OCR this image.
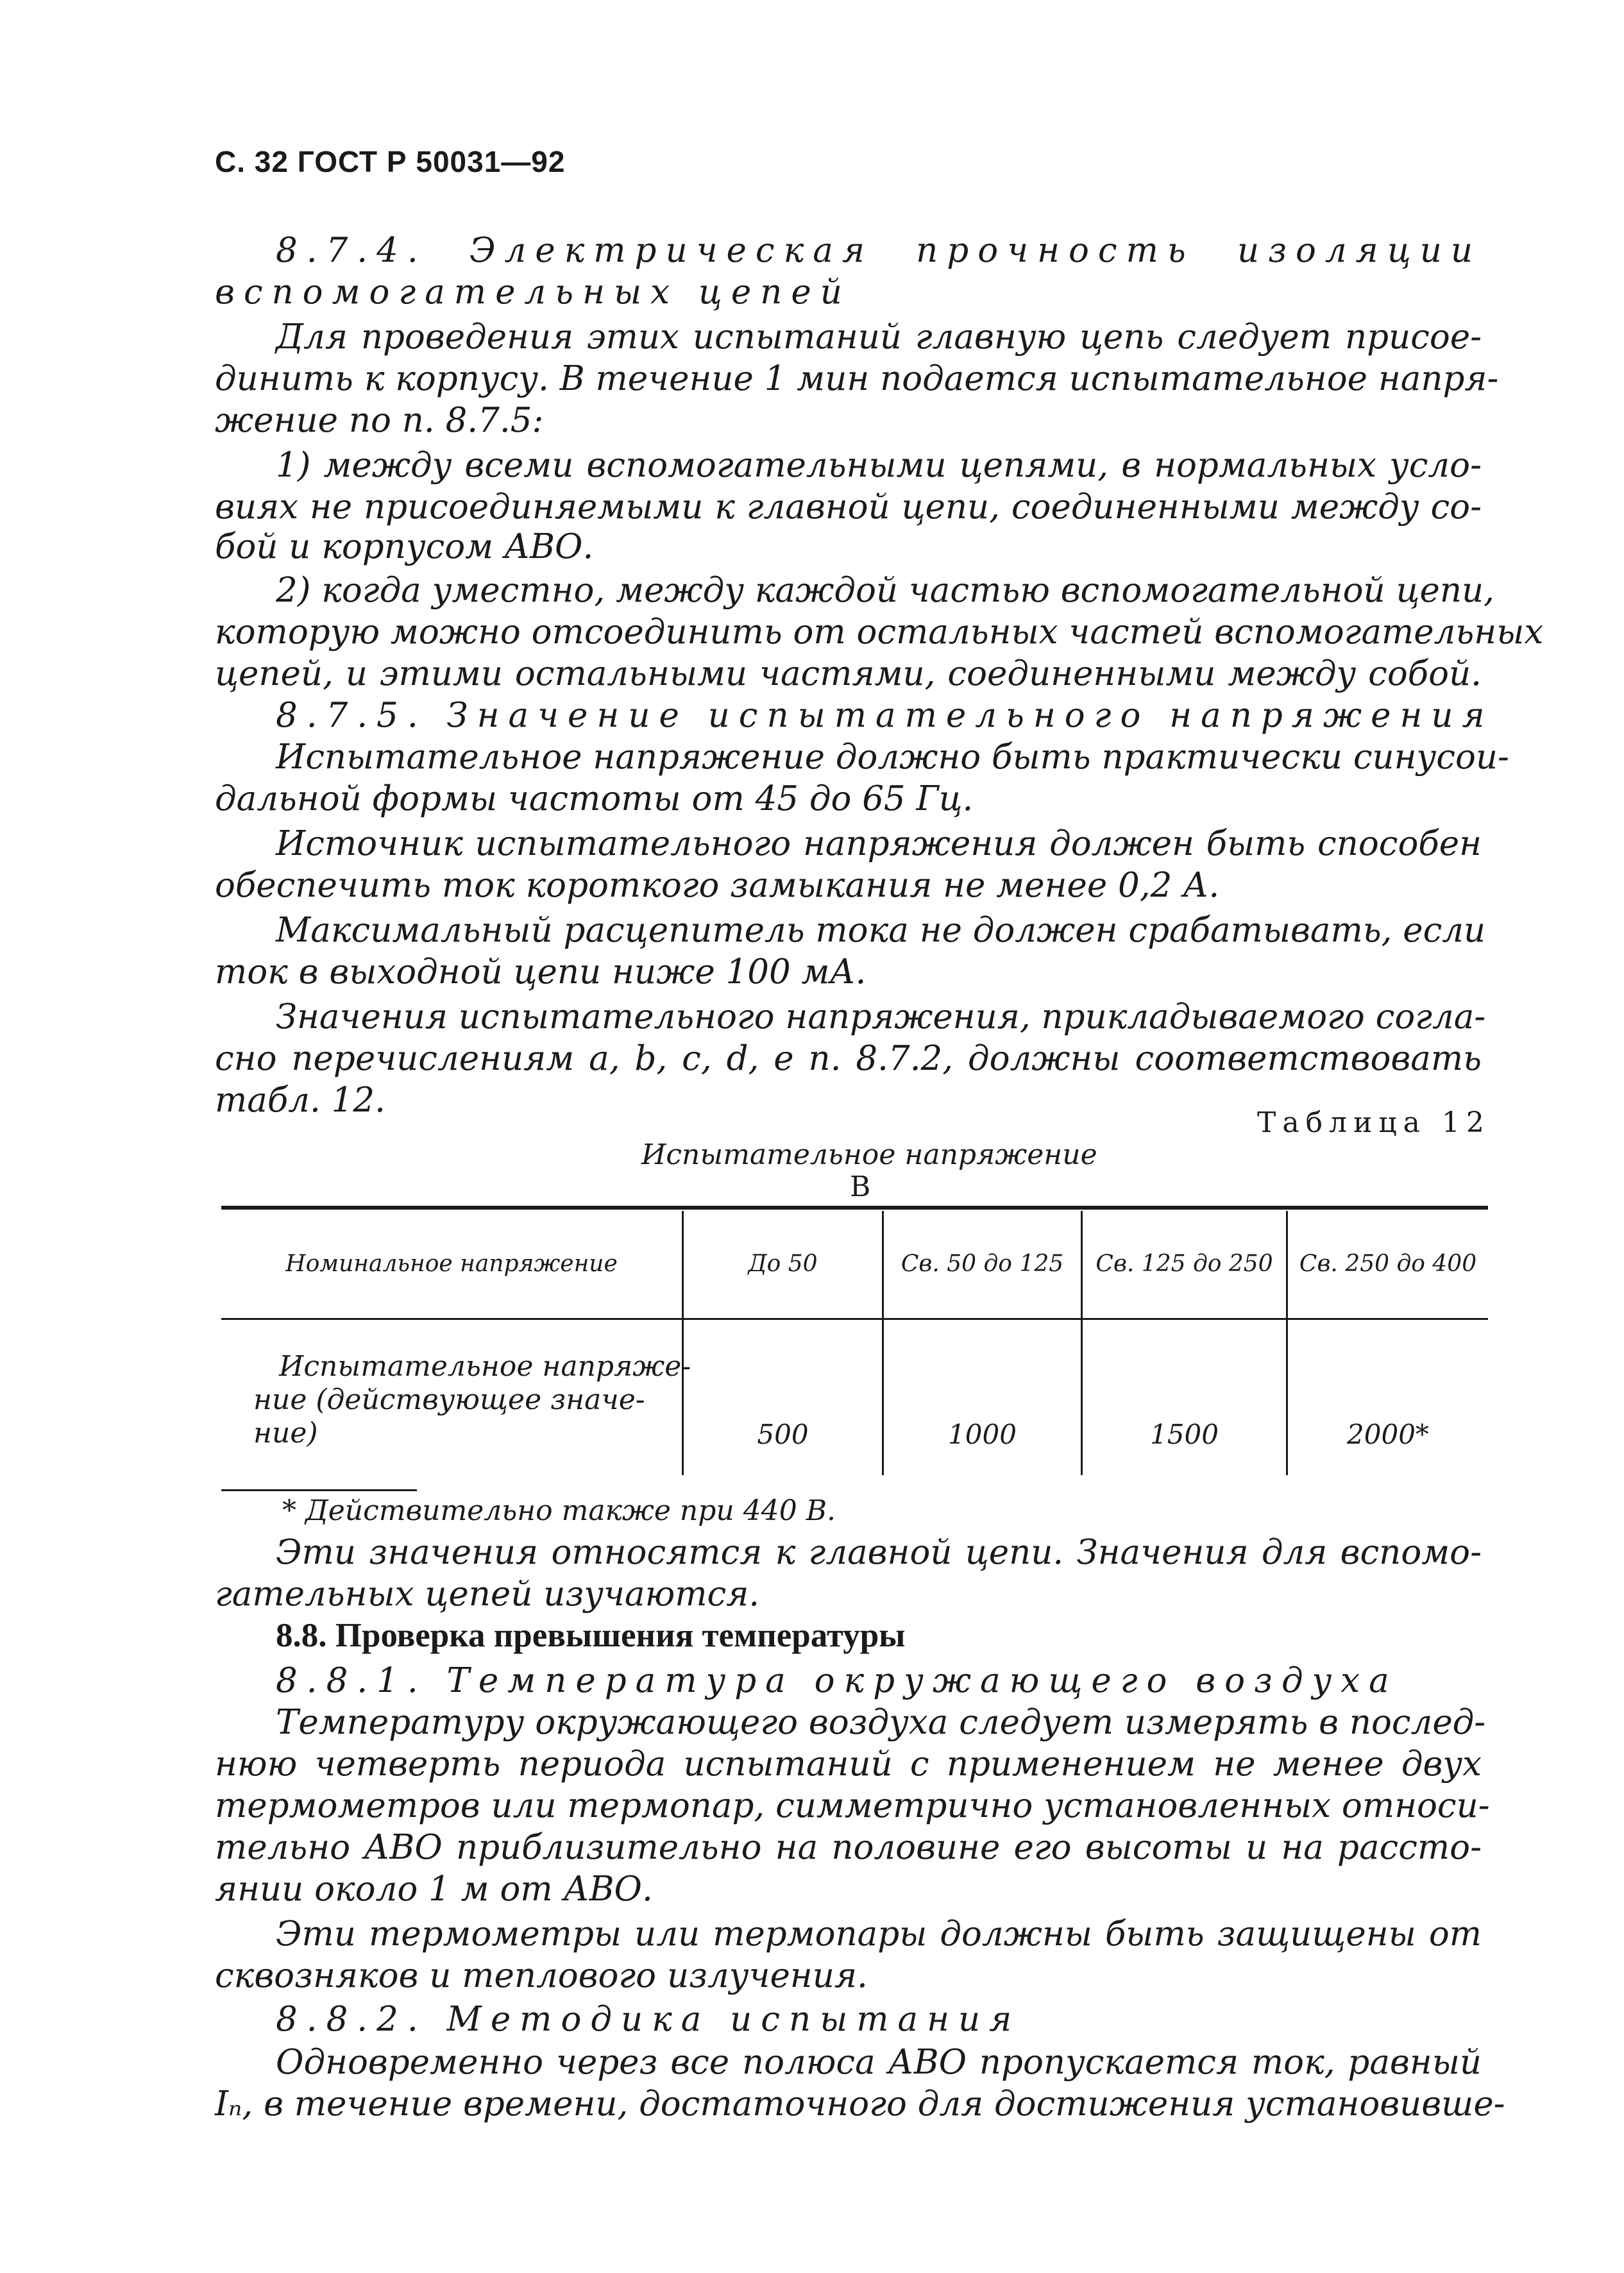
С. 32 ГОСТ Р 50031—92
8.7.4. Электрическая прочность изоляции
вспомогательных цепей
Для проведения этих испытаний главную цепь следует присое-
динить к корпусу. В течение 1 мин подается испытательное напря-
жение по п. 8.7.5:
1) между всеми вспомогательными цепями, в нормальных усло-
виях не присоединяемыми к главной цепи, соединенными между со-
бой и корпусом АВО.
2) когда уместно, между каждой частью вспомогательной цепи,
которую можно отсоединить от остальных частей вспомогательных
цепей, и этими остальными частями, соединенными между собой.
8.7.5. Значение испытательного напряжения
Испытательное напряжение должно быть практически синусои-
дальной формы частоты от 45 до 65 Гц.
Источник испытательного напряжения должен быть способен
обеспечить ток короткого замыкания не менее 0,2 А.
Максимальный расцепитель тока не должен срабатывать, если
ток в выходной цепи ниже 100 мА.
Значения испытательного напряжения, прикладываемого согла-
сно перечислениям а, b, с, d, е п. 8.7.2, должны соответствовать
табл. 12.
Таблица 12
Испытательное напряжение
В
Номинальное напряжение	До 50	Св. 50 до 125	Св. 125 до 250	Св. 250 до 400
Испытательное напряже-
ние (действующее значе-
ние)	500	1000	1500	2000*
* Действительно также при 440 В.
Эти значения относятся к главной цепи. Значения для вспомо-
гательных цепей изучаются.
8.8. Проверка превышения температуры
8.8.1. Температура окружающего воздуха
Температуру окружающего воздуха следует измерять в послед-
нюю четверть периода испытаний с применением не менее двух
термометров или термопар, симметрично установленных относи-
тельно АВО приблизительно на половине его высоты и на рассто-
янии около 1 м от АВО.
Эти термометры или термопары должны быть защищены от
сквозняков и теплового излучения.
8.8.2. Методика испытания
Одновременно через все полюса АВО пропускается ток, равный
Iₙ, в течение времени, достаточного для достижения установивше-
